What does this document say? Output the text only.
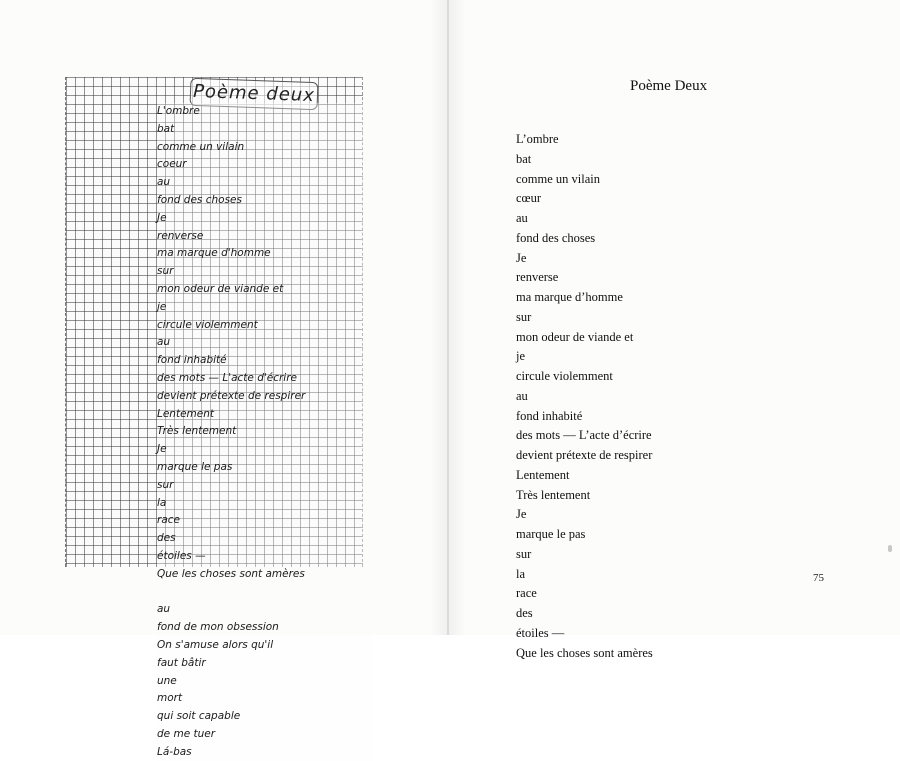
Poème deux
L'ombre
bat
comme un vilain
coeur
au
fond des choses
Je
renverse
ma marque d'homme
sur
mon odeur de viande et
je
circule violemment
au
fond inhabité
des mots — L'acte d'écrire
devient prétexte de respirer
Lentement
Très lentement
Je
marque le pas
sur
la
race
des
étoiles —
Que les choses sont amères
au
fond de mon obsession
On s'amuse alors qu'il
faut bâtir
une
mort
qui soit capable
de me tuer
Lá-bas
Poème Deux
L’ombre
bat
comme un vilain
cœur
au
fond des choses
Je
renverse
ma marque d’homme
sur
mon odeur de viande et
je
circule violemment
au
fond inhabité
des mots — L’acte d’écrire
devient prétexte de respirer
Lentement
Très lentement
Je
marque le pas
sur
la
race
des
étoiles —
Que les choses sont amères
75
